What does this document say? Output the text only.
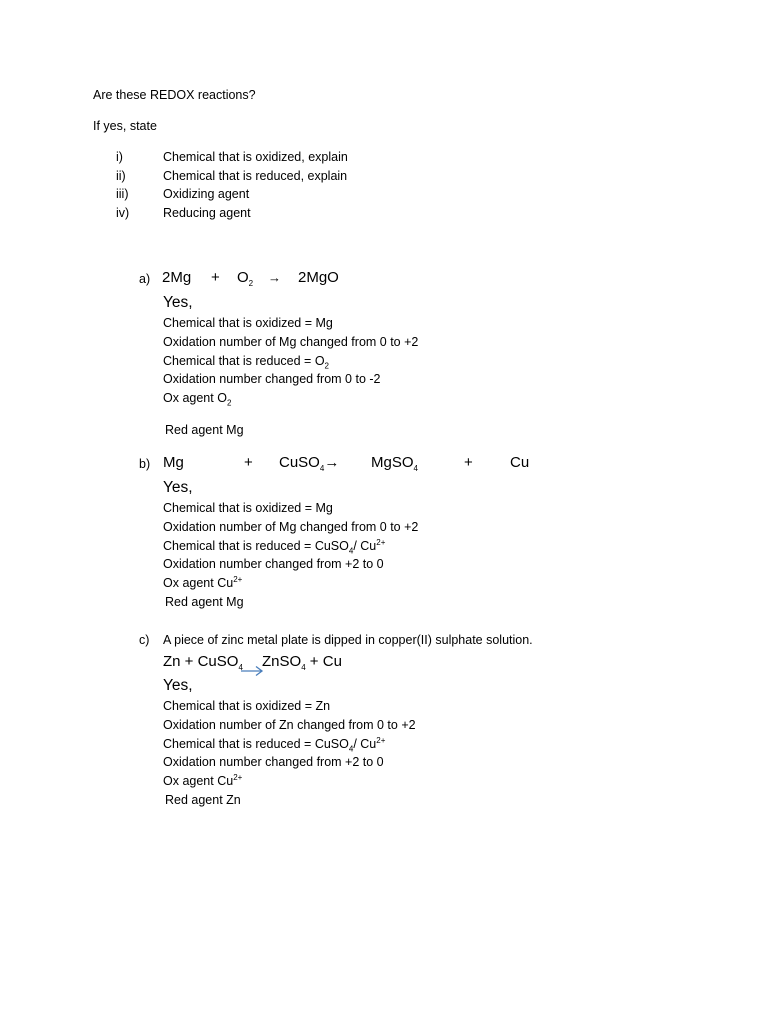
Are these REDOX reactions?
If yes, state
i)	Chemical that is oxidized, explain
ii)	Chemical that is reduced, explain
iii)	Oxidizing agent
iv)	Reducing agent
a) $2Mg + O_2 \to 2MgO$
Yes,
Chemical that is oxidized = Mg
Oxidation number of Mg changed from 0 to +2
Chemical that is reduced = $O_2$
Oxidation number changed from 0 to -2
Ox agent $O_2$
Red agent Mg
b) Mg	+ CuSO$_4$→ MgSO$_4$	+ Cu
Yes,
Chemical that is oxidized = Mg
Oxidation number of Mg changed from 0 to +2
Chemical that is reduced = CuSO$_4$/ $Cu^{2+}$
Oxidation number changed from +2 to 0
Ox agent $Cu^{2+}$
Red agent Mg
c) A piece of zinc metal plate is dipped in copper(II) sulphate solution.
Zn + CuSO$_4$ ZnSO$_4$ + Cu
Yes,
Chemical that is oxidized = Zn
Oxidation number of Zn changed from 0 to +2
Chemical that is reduced = CuSO$_4$/ $Cu^{2+}$
Oxidation number changed from +2 to 0
Ox agent $Cu^{2+}$
Red agent Zn
